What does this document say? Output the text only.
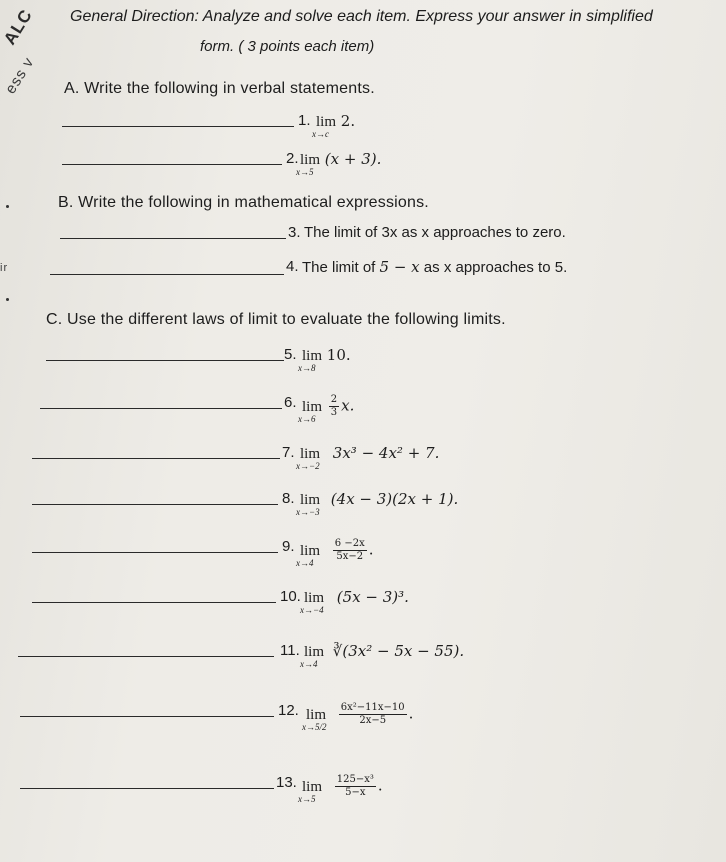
ALC
ess v
ir
General Direction: Analyze and solve each item. Express your answer in simplified
form. ( 3 points each item)
A. Write the following in verbal statements.
1. lim
x→c
2.
2. lim
x→5
(x + 3).
B. Write the following in mathematical expressions.
3. The limit of 3x as x approaches to zero.
4. The limit of 5 − x as x approaches to 5.
C. Use the different laws of limit to evaluate the following limits.
5. lim
x→8
10.
6. lim
x→6
$\frac{2}{3} x$.
7. lim
x→−2
3x³ − 4x² + 7.
8. lim
x→−3
(4x − 3)(2x + 1).
9. lim
x→4
$\frac{6 -2x}{5x-2}$ .
10. lim
x→−4
(5x − 3)³.
11. lim
x→4
∛(3x² − 5x − 55).
12. lim
x→5/2
$\frac{\text{6x²−11x−10}}{2x-5}$ .
13. lim
x→5
$\frac{\text{125−x³}}{5-x}$ .
